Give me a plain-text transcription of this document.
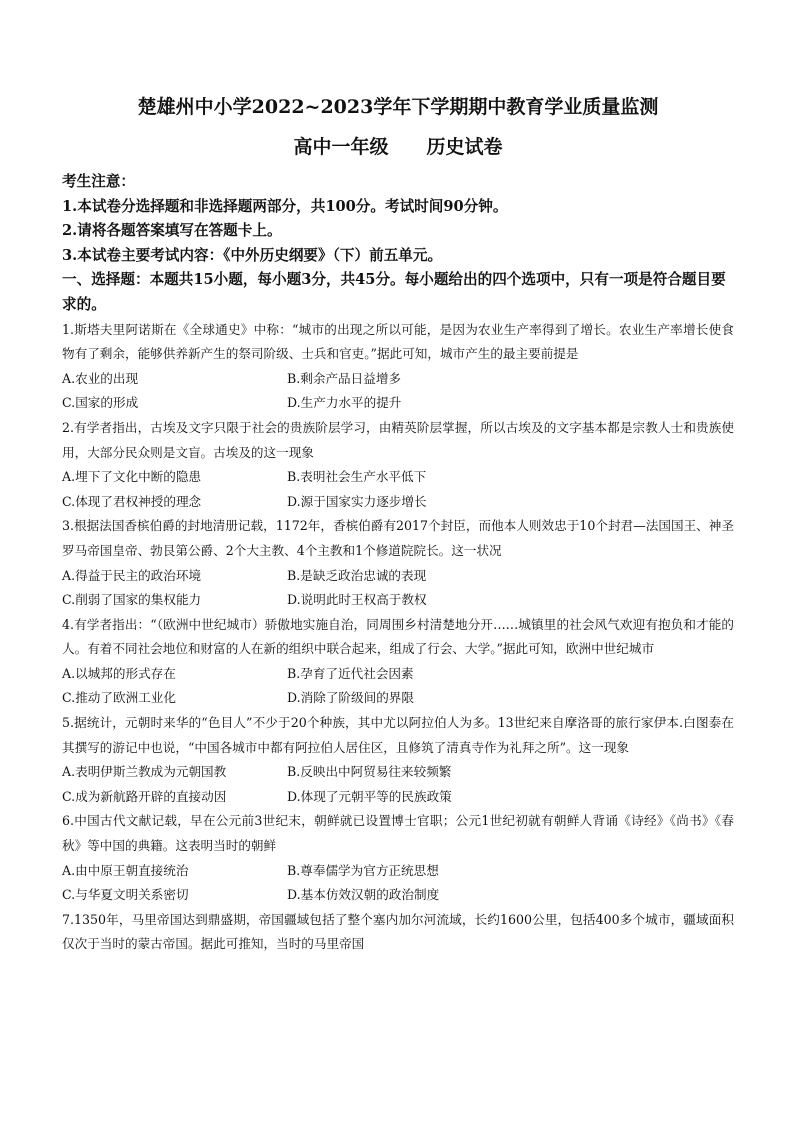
楚雄州中小学2022~2023学年下学期期中教育学业质量监测
高中一年级 历史试卷

考生注意：

1.本试卷分选择题和非选择题两部分，共100分。考试时间90分钟。

2.请将各题答案填写在答题卡上。

3.本试卷主要考试内容：《中外历史纲要》（下）前五单元。

一、选择题：本题共15小题，每小题3分，共45分。每小题给出的四个选项中，只有一项是符合题目要求的。

1.斯塔夫里阿诺斯在《全球通史》中称：“城市的出现之所以可能，是因为农业生产率得到了增长。农业生产率增长使食物有了剩余，能够供养新产生的祭司阶级、士兵和官吏。”据此可知，城市产生的最主要前提是

A.农业的出现	B.剩余产品日益增多
C.国家的形成	D.生产力水平的提升

2.有学者指出，古埃及文字只限于社会的贵族阶层学习，由精英阶层掌握，所以古埃及的文字基本都是宗教人士和贵族使用，大部分民众则是文盲。古埃及的这一现象

A.埋下了文化中断的隐患	B.表明社会生产水平低下
C.体现了君权神授的理念	D.源于国家实力逐步增长

3.根据法国香槟伯爵的封地清册记载，1172年，香槟伯爵有2017个封臣，而他本人则效忠于10个封君—法国国王、神圣罗马帝国皇帝、勃艮第公爵、2个大主教、4个主教和1个修道院院长。这一状况

A.得益于民主的政治环境	B.是缺乏政治忠诚的表现
C.削弱了国家的集权能力	D.说明此时王权高于教权

4.有学者指出：“（欧洲中世纪城市）骄傲地实施自治，同周围乡村清楚地分开……城镇里的社会风气欢迎有抱负和才能的人。有着不同社会地位和财富的人在新的组织中联合起来，组成了行会、大学。”据此可知，欧洲中世纪城市

A.以城邦的形式存在	B.孕育了近代社会因素
C.推动了欧洲工业化	D.消除了阶级间的界限

5.据统计，元朝时来华的“色目人”不少于20个种族，其中尤以阿拉伯人为多。13世纪来自摩洛哥的旅行家伊本.白图泰在其撰写的游记中也说，“中国各城市中都有阿拉伯人居住区，且修筑了清真寺作为礼拜之所”。这一现象

A.表明伊斯兰教成为元朝国教	B.反映出中阿贸易往来较频繁
C.成为新航路开辟的直接动因	D.体现了元朝平等的民族政策

6.中国古代文献记载，早在公元前3世纪末，朝鲜就已设置博士官职；公元1世纪初就有朝鲜人背诵《诗经》《尚书》《春秋》等中国的典籍。这表明当时的朝鲜

A.由中原王朝直接统治	B.尊奉儒学为官方正统思想
C.与华夏文明关系密切	D.基本仿效汉朝的政治制度

7.1350年，马里帝国达到鼎盛期，帝国疆域包括了整个塞内加尔河流域，长约1600公里，包括400多个城市，疆域面积仅次于当时的蒙古帝国。据此可推知，当时的马里帝国
